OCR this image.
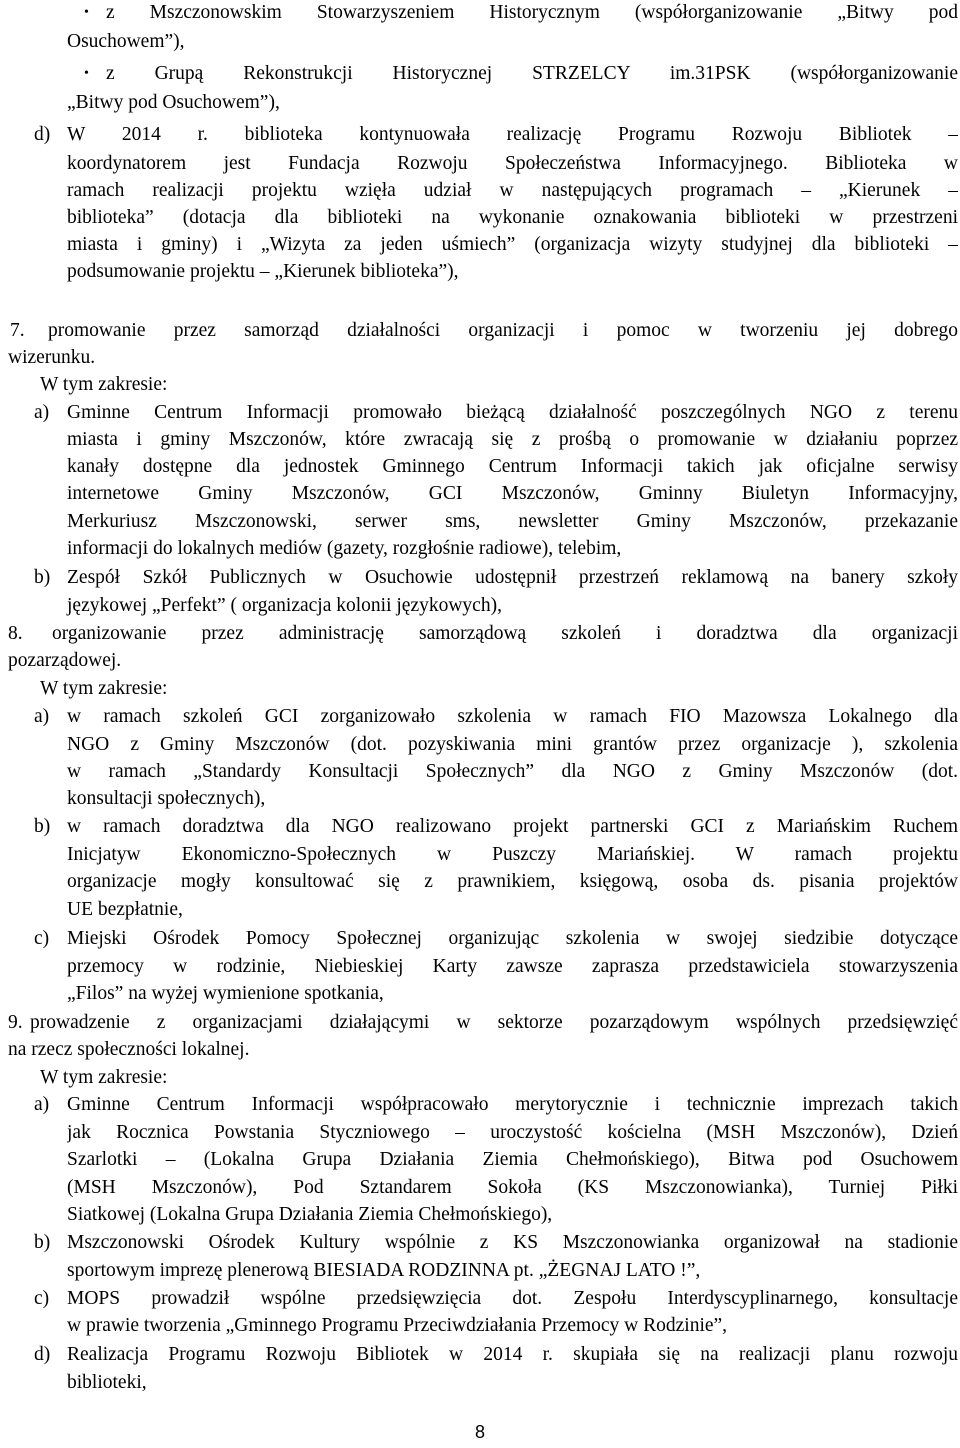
• z Mszczonowskim Stowarzyszeniem Historycznym (współorganizowanie „Bitwy pod
Osuchowem”),
• z Grupą Rekonstrukcji Historycznej STRZELCY im.31PSK (współorganizowanie
„Bitwy pod Osuchowem”),
d) W 2014 r. biblioteka kontynuowała realizację Programu Rozwoju Bibliotek –
koordynatorem jest Fundacja Rozwoju Społeczeństwa Informacyjnego. Biblioteka w
ramach realizacji projektu wzięła udział w następujących programach – „Kierunek –
biblioteka” (dotacja dla biblioteki na wykonanie oznakowania biblioteki w przestrzeni
miasta i gminy) i „Wizyta za jeden uśmiech” (organizacja wizyty studyjnej dla biblioteki –
podsumowanie projektu – „Kierunek biblioteka”),
7. promowanie przez samorząd działalności organizacji i pomoc w tworzeniu jej dobrego
wizerunku.
W tym zakresie:
a) Gminne Centrum Informacji promowało bieżącą działalność poszczególnych NGO z terenu
miasta i gminy Mszczonów, które zwracają się z prośbą o promowanie w działaniu poprzez
kanały dostępne dla jednostek Gminnego Centrum Informacji takich jak oficjalne serwisy
internetowe Gminy Mszczonów, GCI Mszczonów, Gminny Biuletyn Informacyjny,
Merkuriusz Mszczonowski, serwer sms, newsletter Gminy Mszczonów, przekazanie
informacji do lokalnych mediów (gazety, rozgłośnie radiowe), telebim,
b) Zespół Szkół Publicznych w Osuchowie udostępnił przestrzeń reklamową na banery szkoły
językowej „Perfekt” ( organizacja kolonii językowych),
8. organizowanie przez administrację samorządową szkoleń i doradztwa dla organizacji
pozarządowej.
W tym zakresie:
a) w ramach szkoleń GCI zorganizowało szkolenia w ramach FIO Mazowsza Lokalnego dla
NGO z Gminy Mszczonów (dot. pozyskiwania mini grantów przez organizacje ), szkolenia
w ramach „Standardy Konsultacji Społecznych” dla NGO z Gminy Mszczonów (dot.
konsultacji społecznych),
b) w ramach doradztwa dla NGO realizowano projekt partnerski GCI z Mariańskim Ruchem
Inicjatyw Ekonomiczno-Społecznych w Puszczy Mariańskiej. W ramach projektu
organizacje mogły konsultować się z prawnikiem, księgową, osoba ds. pisania projektów
UE bezpłatnie,
c) Miejski Ośrodek Pomocy Społecznej organizując szkolenia w swojej siedzibie dotyczące
przemocy w rodzinie, Niebieskiej Karty zawsze zaprasza przedstawiciela stowarzyszenia
„Filos” na wyżej wymienione spotkania,
9. prowadzenie z organizacjami działającymi w sektorze pozarządowym wspólnych przedsięwzięć
na rzecz społeczności lokalnej.
W tym zakresie:
a) Gminne Centrum Informacji współpracowało merytorycznie i technicznie imprezach takich
jak Rocznica Powstania Styczniowego – uroczystość kościelna (MSH Mszczonów), Dzień
Szarlotki – (Lokalna Grupa Działania Ziemia Chełmońskiego), Bitwa pod Osuchowem
(MSH Mszczonów), Pod Sztandarem Sokoła (KS Mszczonowianka), Turniej Piłki
Siatkowej (Lokalna Grupa Działania Ziemia Chełmońskiego),
b) Mszczonowski Ośrodek Kultury wspólnie z KS Mszczonowianka organizował na stadionie
sportowym imprezę plenerową BIESIADA RODZINNA pt. „ŻEGNAJ LATO !”,
c) MOPS prowadził wspólne przedsięwzięcia dot. Zespołu Interdyscyplinarnego, konsultacje
w prawie tworzenia „Gminnego Programu Przeciwdziałania Przemocy w Rodzinie”,
d) Realizacja Programu Rozwoju Bibliotek w 2014 r. skupiała się na realizacji planu rozwoju
biblioteki,
8
